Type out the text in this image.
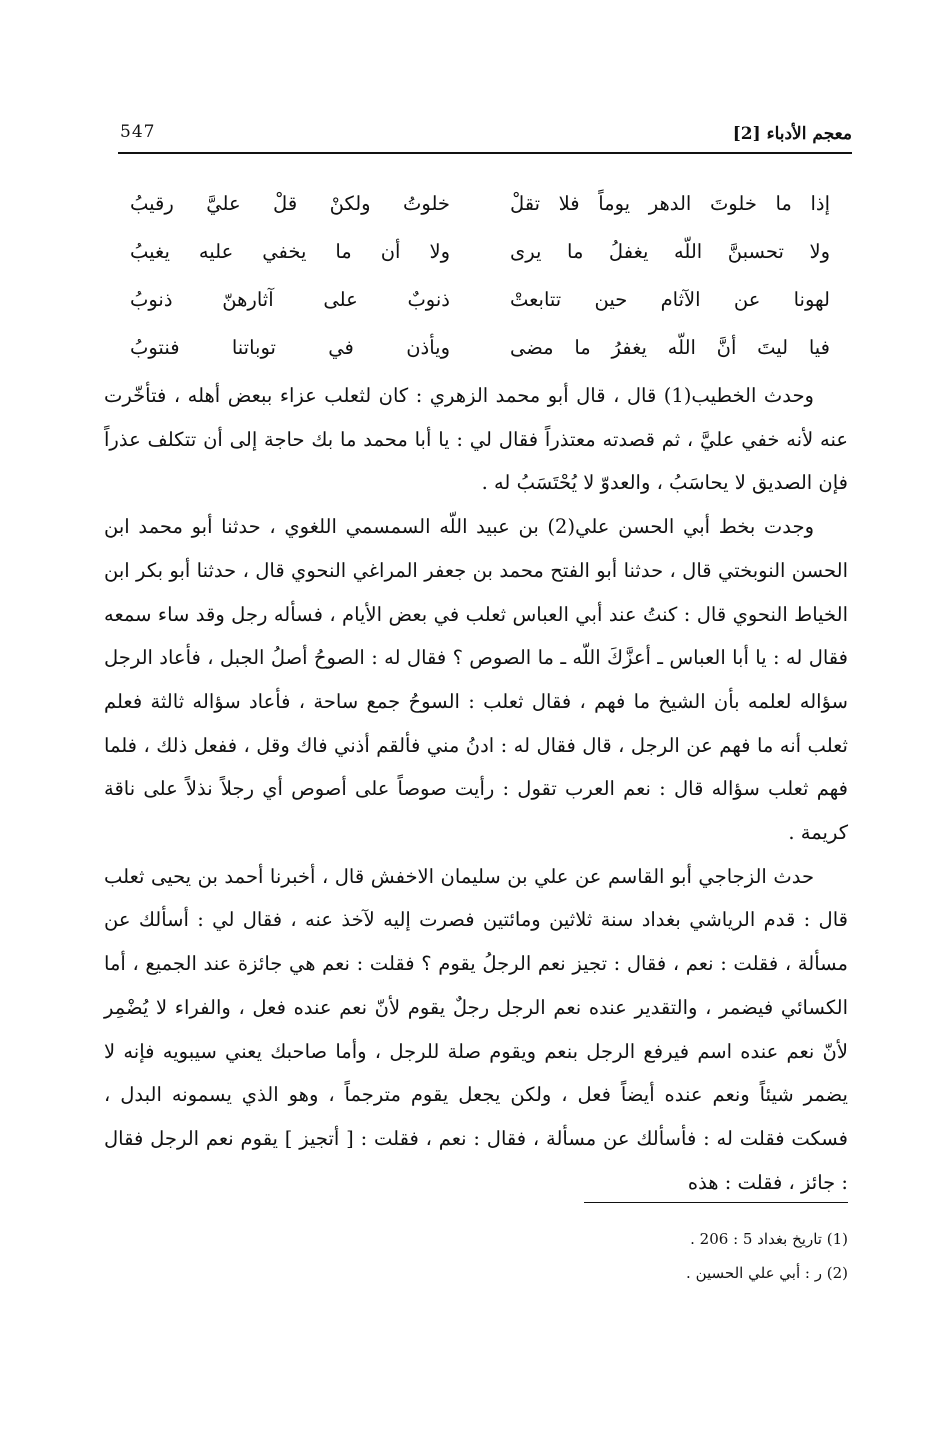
معجم الأدباء [2]
547
إذا ما خلوتَ الدهر يوماً فلا تقلْ
خلوتُ ولكنْ قلْ عليَّ رقيبُ
ولا تحسبنَّ اللّه يغفلُ ما يرى
ولا أن ما يخفي عليه يغيبُ
لهونا عن الآثام حين تتابعتْ
ذنوبٌ على آثارهنّ ذنوبُ
فيا ليتَ أنَّ اللّه يغفرُ ما مضى
ويأذن في توباتنا فنتوبُ

وحدث الخطيب(1) قال ، قال أبو محمد الزهري : كان لثعلب عزاء ببعض أهله ، فتأخّرت عنه لأنه خفي عليَّ ، ثم قصدته معتذراً فقال لي : يا أبا محمد ما بك حاجة إلى أن تتكلف عذراً فإن الصديق لا يحاسَبُ ، والعدوّ لا يُحْتَسَبُ له .

وجدت بخط أبي الحسن علي(2) بن عبيد اللّه السمسمي اللغوي ، حدثنا أبو محمد ابن الحسن النوبختي قال ، حدثنا أبو الفتح محمد بن جعفر المراغي النحوي قال ، حدثنا أبو بكر ابن الخياط النحوي قال : كنتُ عند أبي العباس ثعلب في بعض الأيام ، فسأله رجل وقد ساء سمعه فقال له : يا أبا العباس ـ أعزَّكَ اللّه ـ ما الصوص ؟ فقال له : الصوحُ أصلُ الجبل ، فأعاد الرجل سؤاله لعلمه بأن الشيخ ما فهم ، فقال ثعلب : السوحُ جمع ساحة ، فأعاد سؤاله ثالثة فعلم ثعلب أنه ما فهم عن الرجل ، قال فقال له : ادنُ مني فألقم أذني فاك وقل ، ففعل ذلك ، فلما فهم ثعلب سؤاله قال : نعم العرب تقول : رأيت صوصاً على أصوص أي رجلاً نذلاً على ناقة كريمة .

حدث الزجاجي أبو القاسم عن علي بن سليمان الاخفش قال ، أخبرنا أحمد بن يحيى ثعلب قال : قدم الرياشي بغداد سنة ثلاثين ومائتين فصرت إليه لآخذ عنه ، فقال لي : أسألك عن مسألة ، فقلت : نعم ، فقال : تجيز نعم الرجلُ يقوم ؟ فقلت : نعم هي جائزة عند الجميع ، أما الكسائي فيضمر ، والتقدير عنده نعم الرجل رجلٌ يقوم لأنّ نعم عنده فعل ، والفراء لا يُضْمِر لأنّ نعم عنده اسم فيرفع الرجل بنعم ويقوم صلة للرجل ، وأما صاحبك يعني سيبويه فإنه لا يضمر شيئاً ونعم عنده أيضاً فعل ، ولكن يجعل يقوم مترجماً ، وهو الذي يسمونه البدل ، فسكت فقلت له : فأسألك عن مسألة ، فقال : نعم ، فقلت : [ أتجيز ] يقوم نعم الرجل فقال : جائز ، فقلت : هذه

(1) تاريخ بغداد 5 : 206 .

(2) ر : أبي علي الحسين .
